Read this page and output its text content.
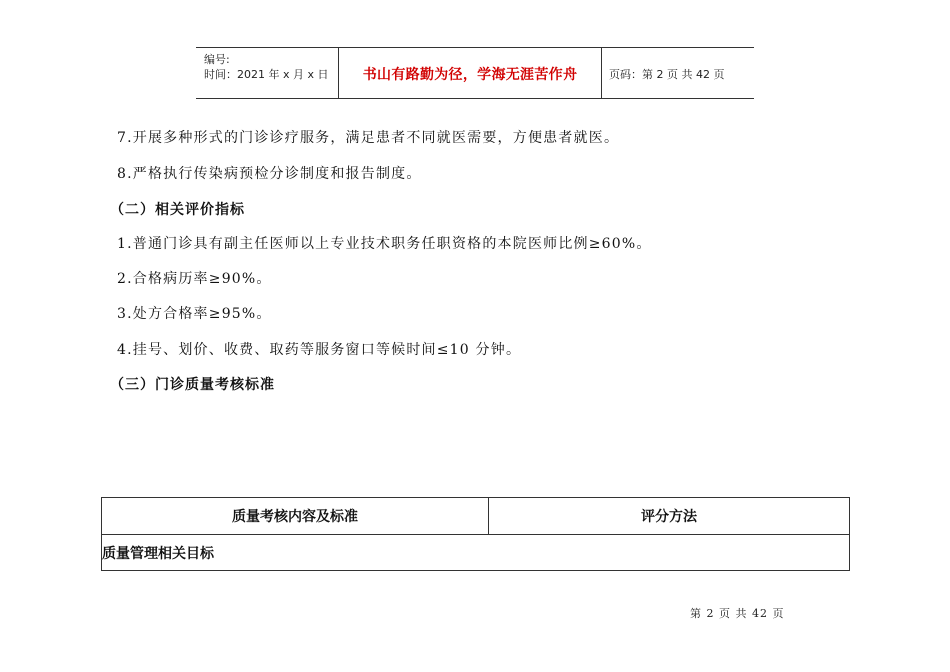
编号:
时间：2021 年 x 月 x 日	书山有路勤为径，学海无涯苦作舟	页码：第 2 页 共 42 页
7.开展多种形式的门诊诊疗服务，满足患者不同就医需要，方便患者就医。
8.严格执行传染病预检分诊制度和报告制度。
（二）相关评价指标
1.普通门诊具有副主任医师以上专业技术职务任职资格的本院医师比例≥60%。
2.合格病历率≥90%。
3.处方合格率≥95%。
4.挂号、划价、收费、取药等服务窗口等候时间≤10 分钟。
（三）门诊质量考核标准
质量考核内容及标准	评分方法
质量管理相关目标
第 2 页 共 42 页
